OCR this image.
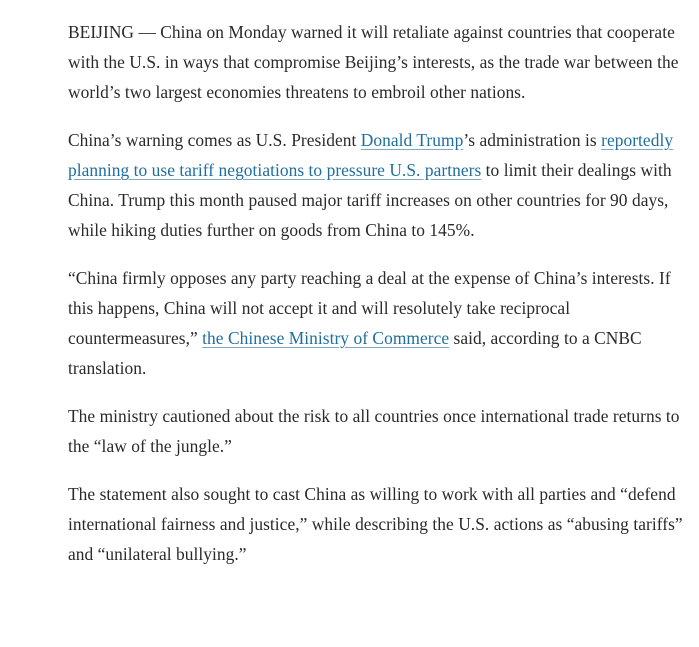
BEIJING — China on Monday warned it will retaliate against countries that cooperate with the U.S. in ways that compromise Beijing’s interests, as the trade war between the world’s two largest economies threatens to embroil other nations.

China’s warning comes as U.S. President Donald Trump’s administration is reportedly planning to use tariff negotiations to pressure U.S. partners to limit their dealings with China. Trump this month paused major tariff increases on other countries for 90 days, while hiking duties further on goods from China to 145%.

“China firmly opposes any party reaching a deal at the expense of China’s interests. If this happens, China will not accept it and will resolutely take reciprocal countermeasures,” the Chinese Ministry of Commerce said, according to a CNBC translation.

The ministry cautioned about the risk to all countries once international trade returns to the “law of the jungle.”

The statement also sought to cast China as willing to work with all parties and “defend international fairness and justice,” while describing the U.S. actions as “abusing tariffs” and “unilateral bullying.”
